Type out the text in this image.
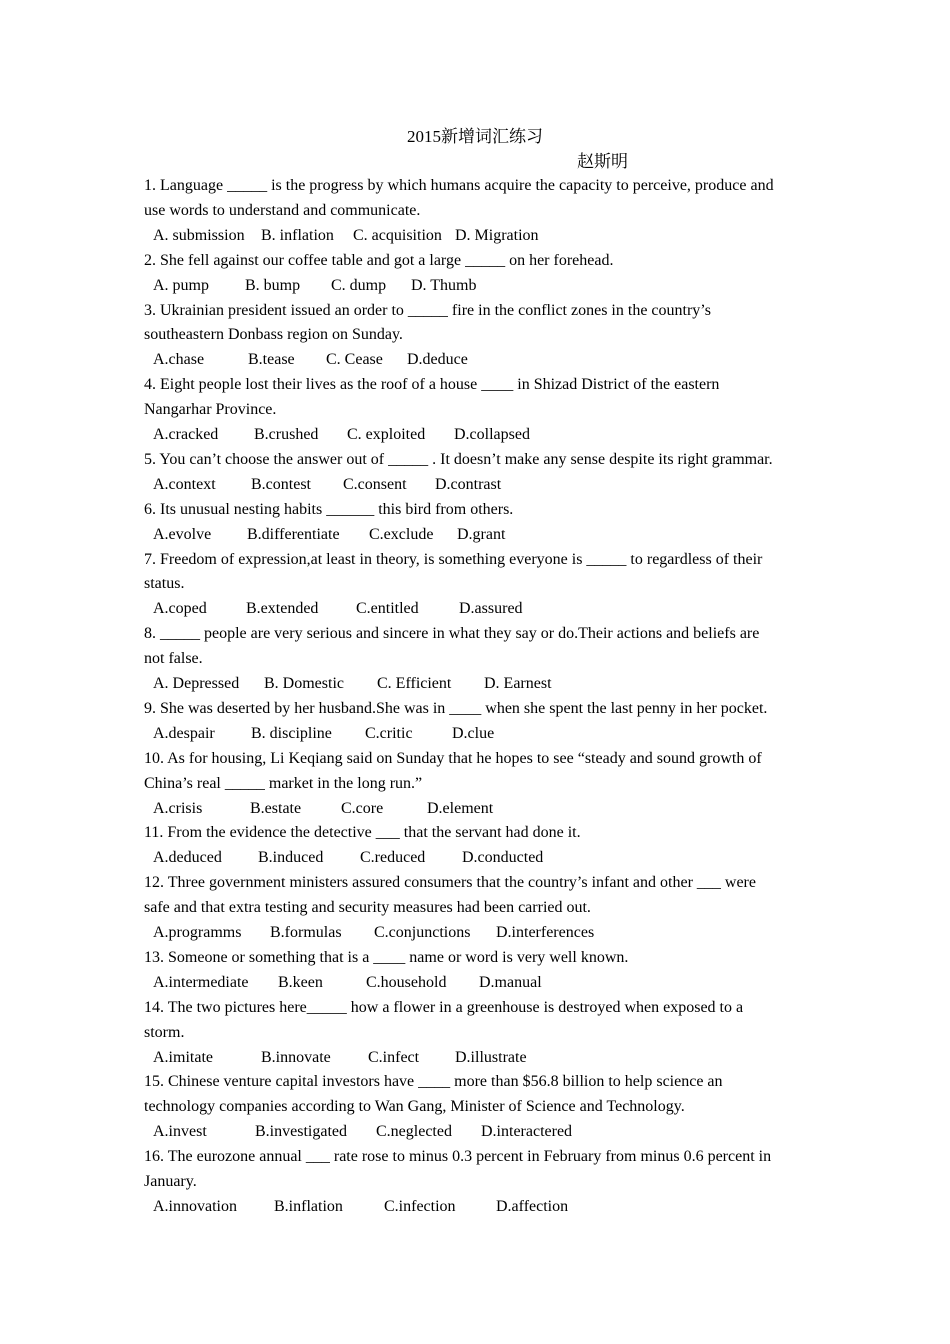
2015新增词汇练习
赵斯明

1. Language _____ is the progress by which humans acquire the capacity to perceive, produce and

use words to understand and communicate.

A. submission B. inflation C. acquisition D. Migration

2. She fell against our coffee table and got a large _____ on her forehead.

A. pump B. bump C. dump D. Thumb

3. Ukrainian president issued an order to _____ fire in the conflict zones in the country’s

southeastern Donbass region on Sunday.

A.chase	B.tease C. Cease D.deduce

4. Eight people lost their lives as the roof of a house ____ in Shizad District of the eastern

Nangarhar Province.

A.cracked B.crushed C. exploited D.collapsed

5. You can’t choose the answer out of _____ . It doesn’t make any sense despite its right grammar.

A.context B.contest C.consent D.contrast

6. Its unusual nesting habits ______ this bird from others.

A.evolve B.differentiate C.exclude D.grant

7. Freedom of expression,at least in theory, is something everyone is _____ to regardless of their

status.

A.coped B.extended C.entitled	D.assured

8. _____ people are very serious and sincere in what they say or do.Their actions and beliefs are

not false.

A. Depressed B. Domestic C. Efficient D. Earnest

9. She was deserted by her husband.She was in ____ when she spent the last penny in her pocket.

A.despair B. discipline C.critic D.clue

10. As for housing, Li Keqiang said on Sunday that he hopes to see “steady and sound growth of

China’s real _____ market in the long run.”

A.crisis	B.estate C.core	D.element

11. From the evidence the detective ___ that the servant had done it.

A.deduced B.induced C.reduced D.conducted

12. Three government ministers assured consumers that the country’s infant and other ___ were

safe and that extra testing and security measures had been carried out.

A.programms B.formulas C.conjunctions D.interferences

13. Someone or something that is a ____ name or word is very well known.

A.intermediate B.keen	C.household D.manual

14. The two pictures here_____ how a flower in a greenhouse is destroyed when exposed to a

storm.

A.imitate	B.innovate C.infect D.illustrate

15. Chinese venture capital investors have ____ more than $56.8 billion to help science an

technology companies according to Wan Gang, Minister of Science and Technology.

A.invest	B.investigated C.neglected D.interactered

16. The eurozone annual ___ rate rose to minus 0.3 percent in February from minus 0.6 percent in

January.

A.innovation B.inflation	C.infection	D.affection
